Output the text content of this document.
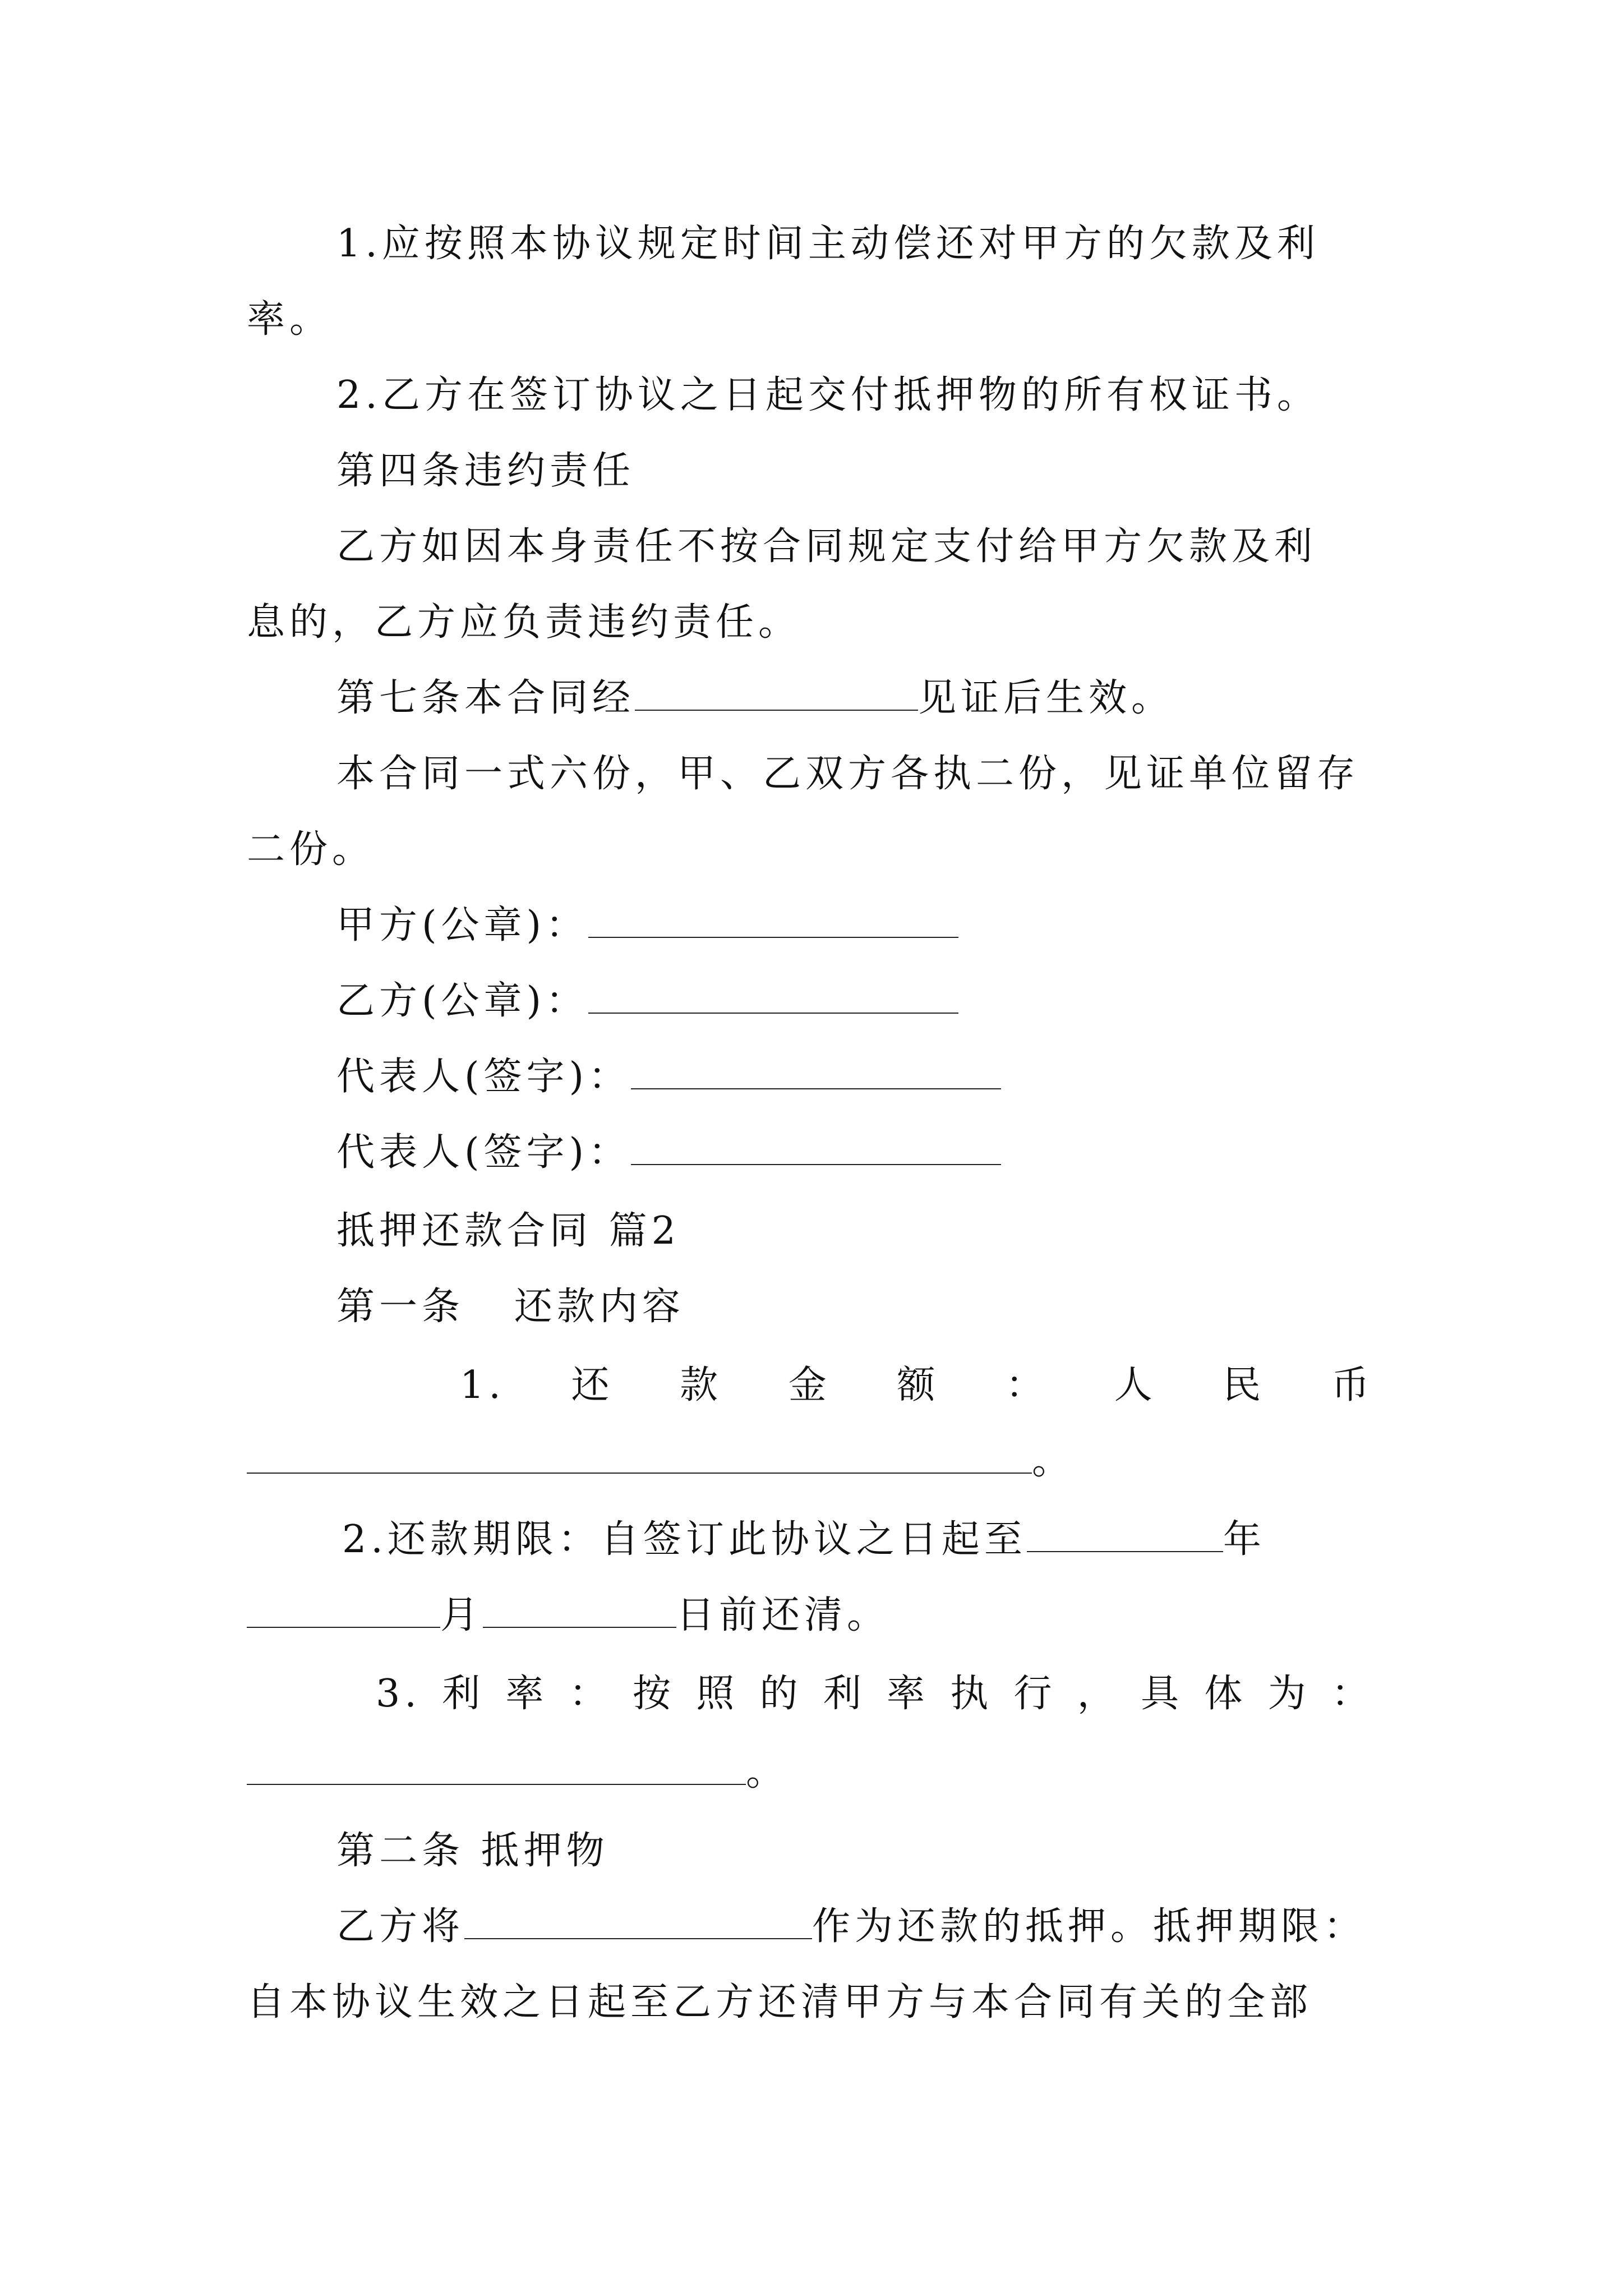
1.应按照本协议规定时间主动偿还对甲方的欠款及利

率。

2.乙方在签订协议之日起交付抵押物的所有权证书。

第四条违约责任

乙方如因本身责任不按合同规定支付给甲方欠款及利

息的，乙方应负责违约责任。

第七条本合同经	见证后生效。

本合同一式六份，甲、乙双方各执二份，见证单位留存

二份。

甲方(公章)：

乙方(公章)：

代表人(签字)：

代表人(签字)：

抵押还款合同 篇2

第一条   还款内容

1. 还 款 金 额 ： 人 民 币

。

2.还款期限：自签订此协议之日起至	年

月	日前还清。

3. 利 率 ： 按 照 的 利 率 执 行 ， 具 体 为 ：

。

第二条 抵押物

乙方将	作为还款的抵押。抵押期限：

自本协议生效之日起至乙方还清甲方与本合同有关的全部
